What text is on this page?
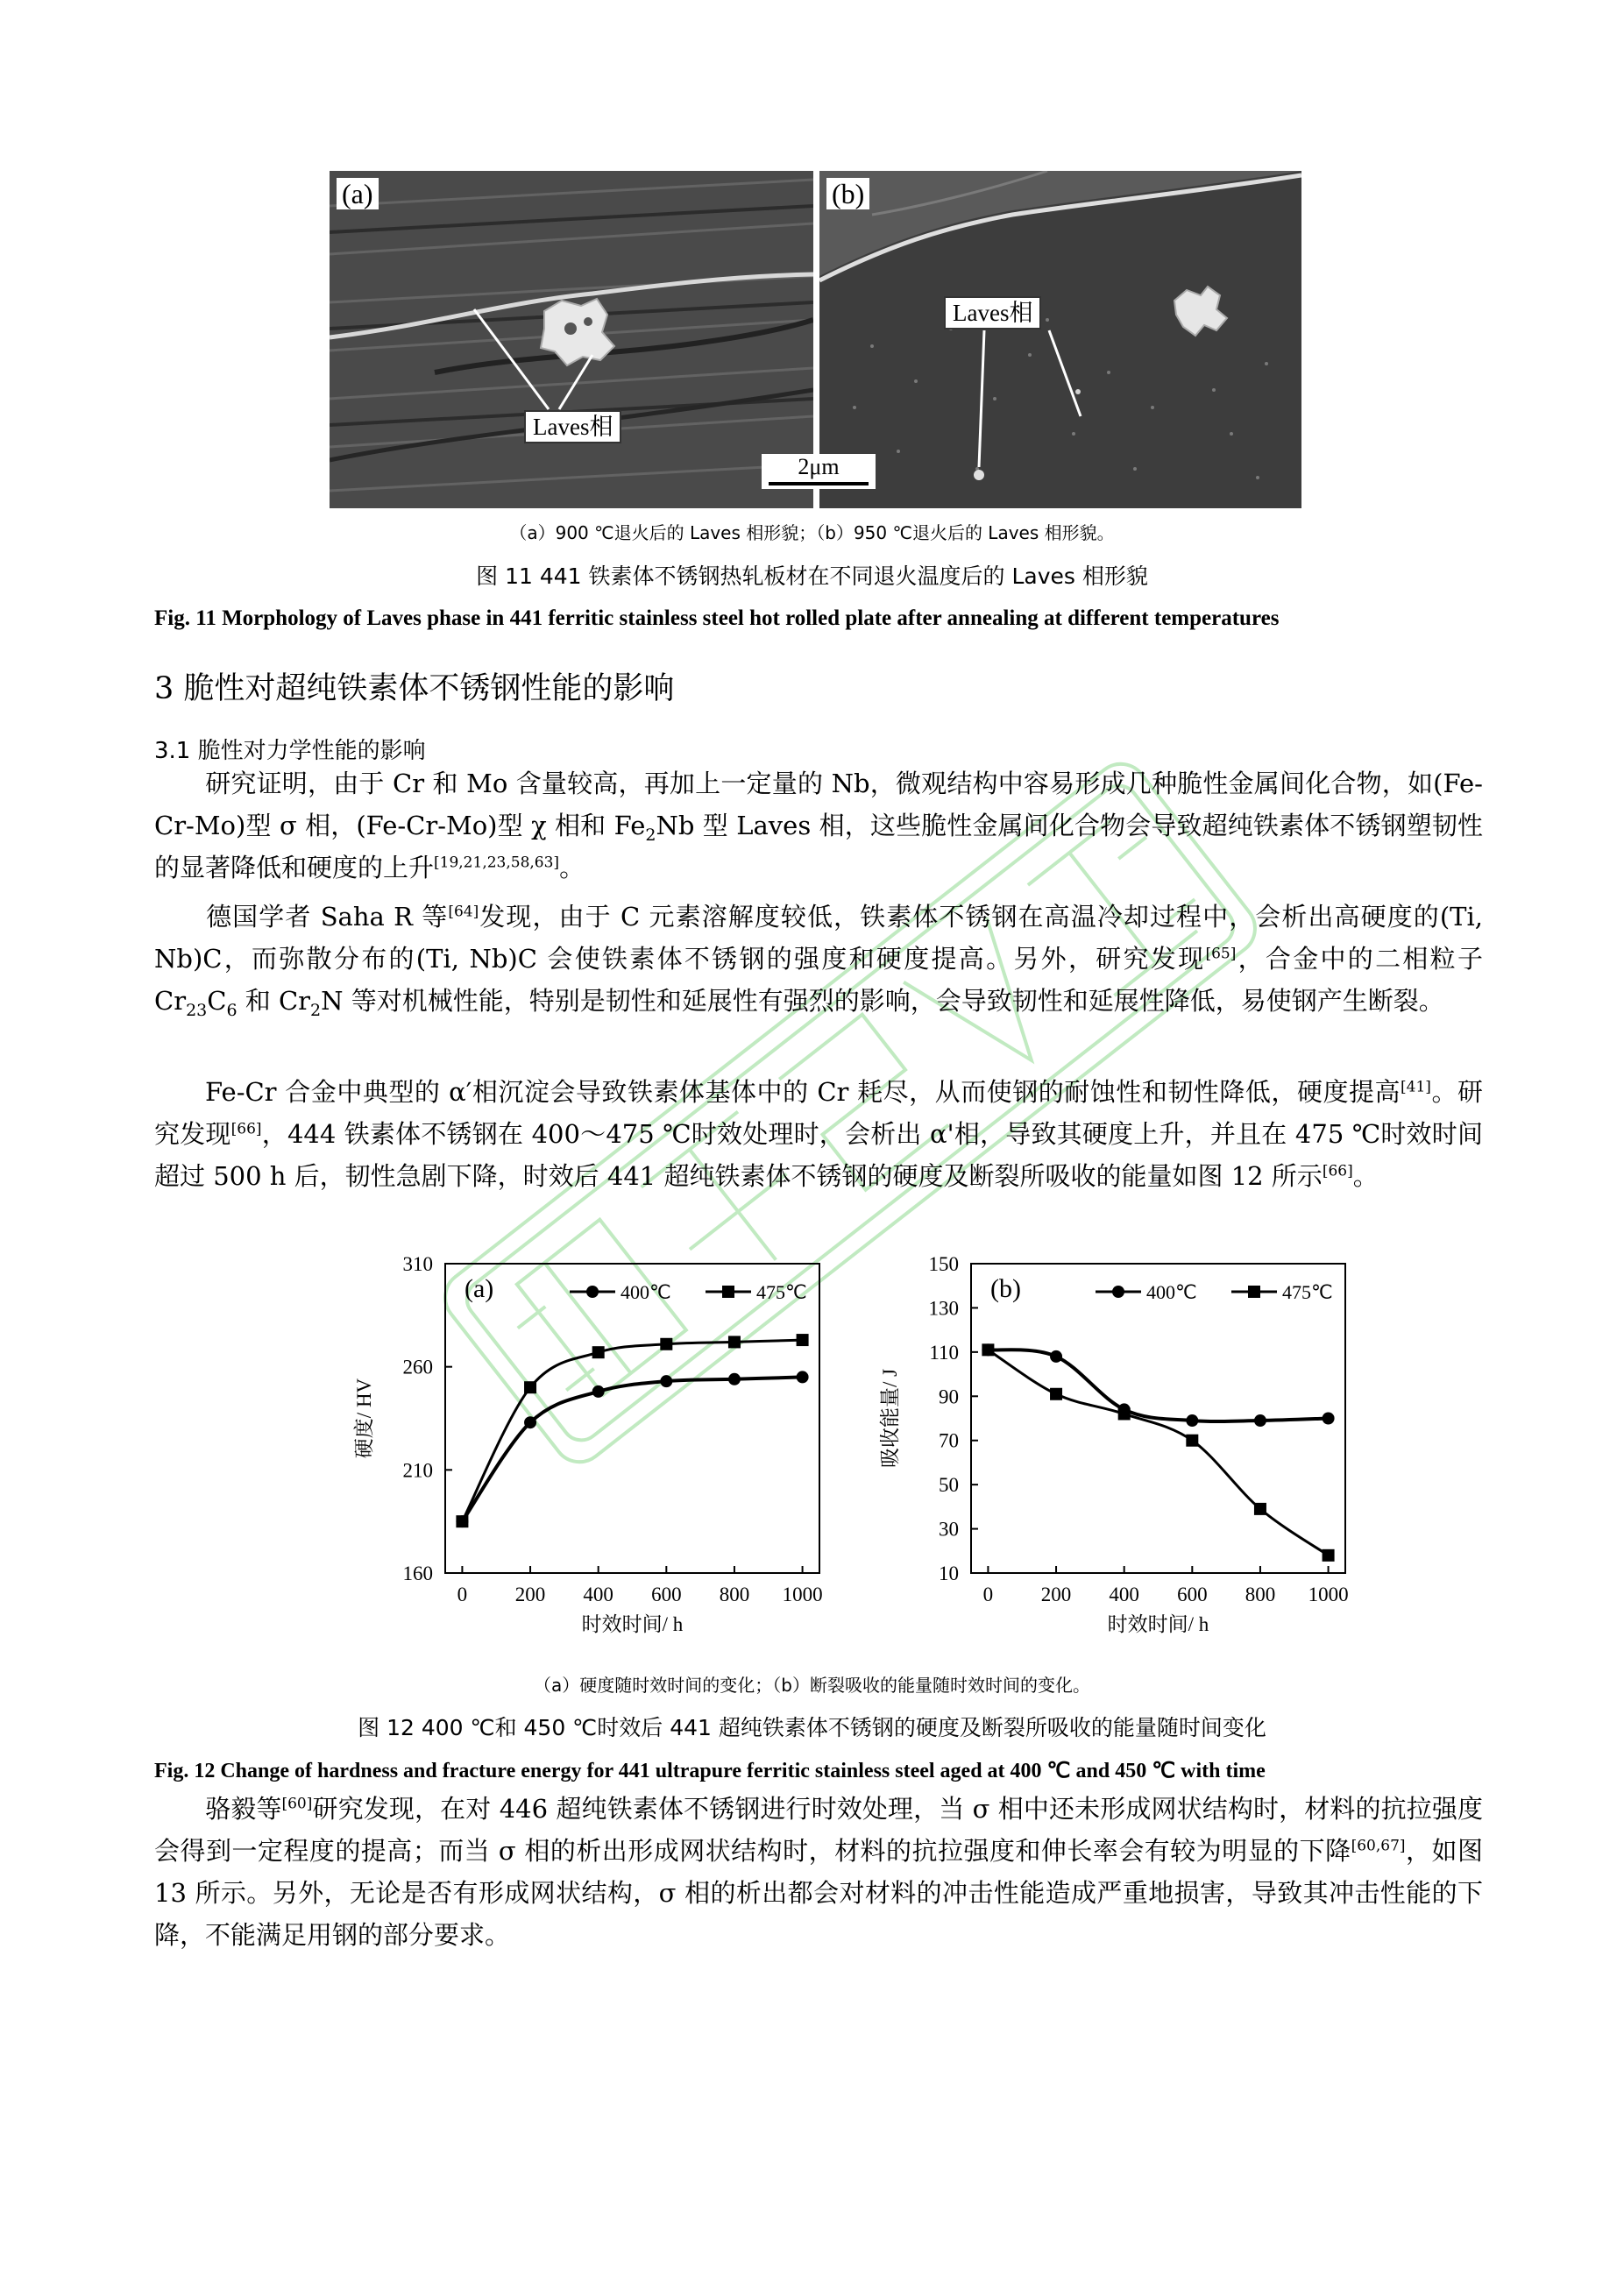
(a)
Laves相
(b)
Laves相
2μm
（a）900 ℃退火后的 Laves 相形貌；（b）950 ℃退火后的 Laves 相形貌。
图 11 441 铁素体不锈钢热轧板材在不同退火温度后的 Laves 相形貌
Fig. 11 Morphology of Laves phase in 441 ferritic stainless steel hot rolled plate after annealing at different temperatures
3 脆性对超纯铁素体不锈钢性能的影响
3.1 脆性对力学性能的影响
研究证明，由于 Cr 和 Mo 含量较高，再加上一定量的 Nb，微观结构中容易形成几种脆性金属间化合物，如(Fe-Cr-Mo)型 σ 相，(Fe-Cr-Mo)型 χ 相和 $Fe_2Nb$ 型 Laves 相，这些脆性金属间化合物会导致超纯铁素体不锈钢塑韧性的显著降低和硬度的上升[19,21,23,58,63]。
德国学者 Saha R 等[64]发现，由于 C 元素溶解度较低，铁素体不锈钢在高温冷却过程中，会析出高硬度的(Ti, Nb)C，而弥散分布的(Ti, Nb)C 会使铁素体不锈钢的强度和硬度提高。另外，研究发现[65]，合金中的二相粒子 $Cr_{23}C_6$ 和 $Cr_2N$ 等对机械性能，特别是韧性和延展性有强烈的影响，会导致韧性和延展性降低，易使钢产生断裂。
Fe-Cr 合金中典型的 α′相沉淀会导致铁素体基体中的 Cr 耗尽，从而使钢的耐蚀性和韧性降低，硬度提高[41]。研究发现[66]，444 铁素体不锈钢在 400～475 ℃时效处理时，会析出 α'相，导致其硬度上升，并且在 475 ℃时效时间超过 500 h 后，韧性急剧下降，时效后 441 超纯铁素体不锈钢的硬度及断裂所吸收的能量如图 12 所示[66]。
160
210
260
310
0 200 400 600 800 1000
时效时间/ h
硬度/ HV
(a)	400℃	475℃
10
30
50
70
90
110
130
150
0 200 400 600 800 1000
时效时间/ h
吸收能量/ J
(b)	400℃	475℃
（a）硬度随时效时间的变化；（b）断裂吸收的能量随时效时间的变化。
图 12 400 ℃和 450 ℃时效后 441 超纯铁素体不锈钢的硬度及断裂所吸收的能量随时间变化
Fig. 12 Change of hardness and fracture energy for 441 ultrapure ferritic stainless steel aged at 400 ℃ and 450 ℃ with time
骆毅等[60]研究发现，在对 446 超纯铁素体不锈钢进行时效处理，当 σ 相中还未形成网状结构时，材料的抗拉强度会得到一定程度的提高；而当 σ 相的析出形成网状结构时，材料的抗拉强度和伸长率会有较为明显的下降[60,67]，如图 13 所示。另外，无论是否有形成网状结构，σ 相的析出都会对材料的冲击性能造成严重地损害，导致其冲击性能的下降，不能满足用钢的部分要求。
